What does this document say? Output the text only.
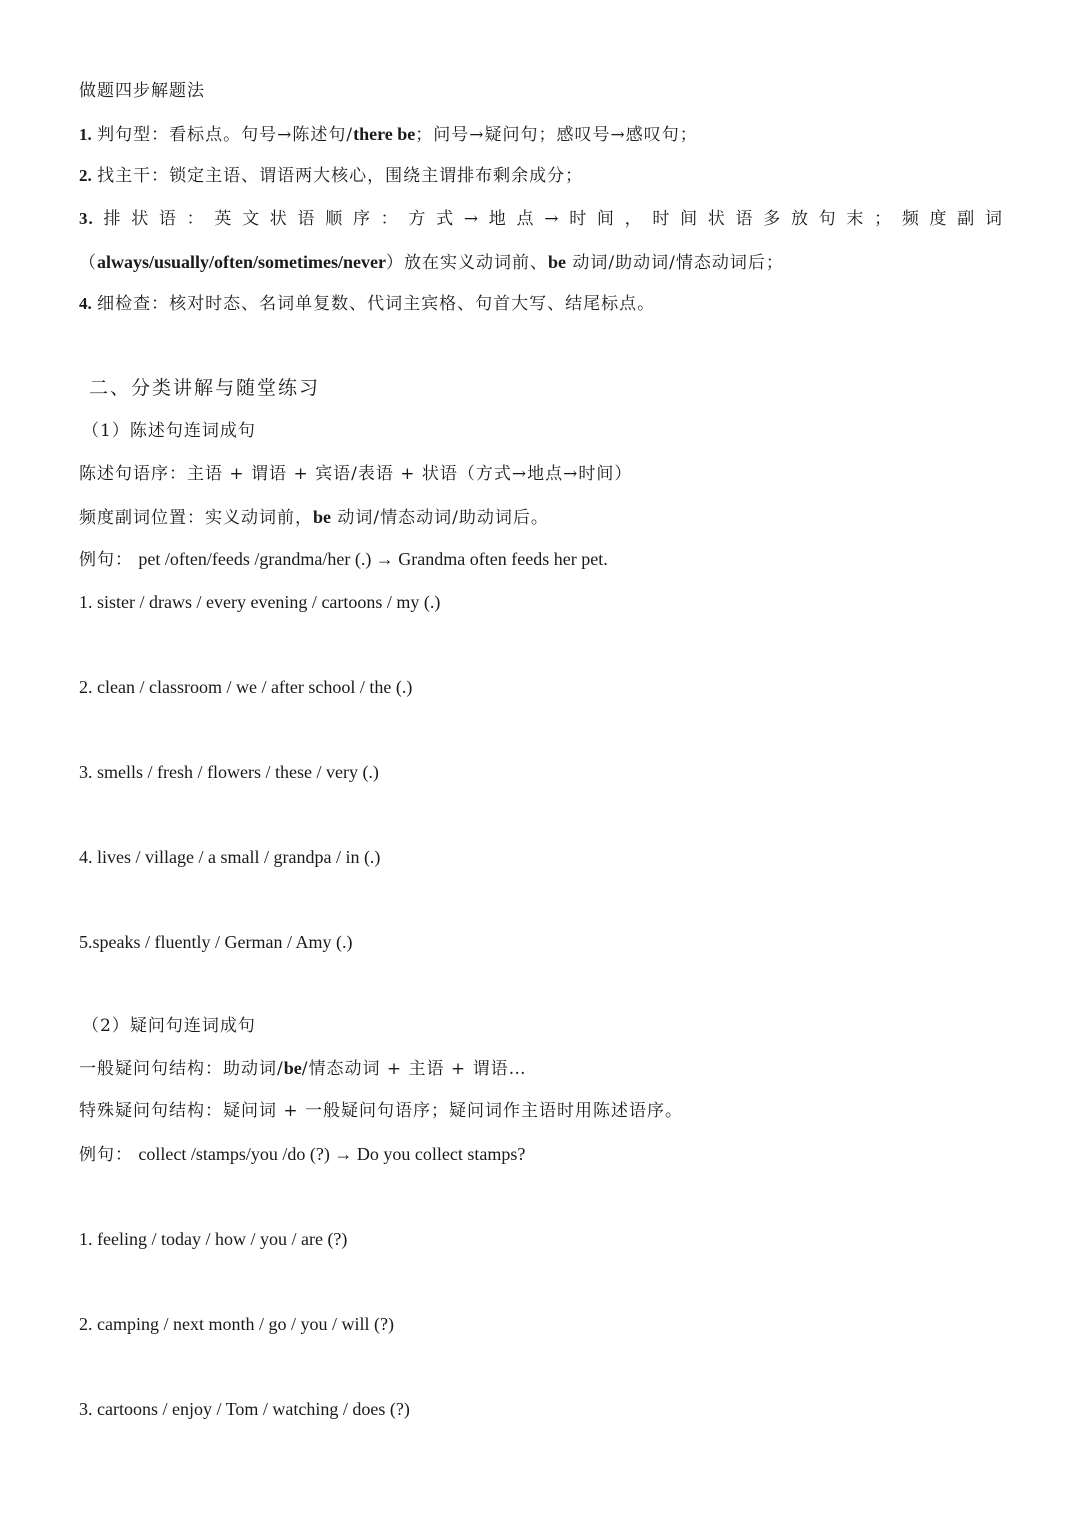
做题四步解题法
1. 判句型：看标点。句号→陈述句/there be；问号→疑问句；感叹号→感叹句；
2. 找主干：锁定主语、谓语两大核心，围绕主谓排布剩余成分；
3. 排 状 语 ： 英 文 状 语 顺 序 ： 方 式 → 地 点 → 时 间 ， 时 间 状 语 多 放 句 末 ； 频 度 副 词
（always/usually/often/sometimes/never）放在实义动词前、be 动词/助动词/情态动词后；
4. 细检查：核对时态、名词单复数、代词主宾格、句首大写、结尾标点。
二、分类讲解与随堂练习
（1）陈述句连词成句
陈述句语序：主语 + 谓语 + 宾语/表语 + 状语（方式→地点→时间）
频度副词位置：实义动词前，be 动词/情态动词/助动词后。
例句： pet /often/feeds /grandma/her (.) → Grandma often feeds her pet.
1. sister / draws / every evening / cartoons / my (.)
2. clean / classroom / we / after school / the (.)
3. smells / fresh / flowers / these / very (.)
4. lives / village / a small / grandpa / in (.)
5.speaks / fluently / German / Amy (.)
（2）疑问句连词成句
一般疑问句结构：助动词/be/情态动词 + 主语 + 谓语…
特殊疑问句结构：疑问词 + 一般疑问句语序；疑问词作主语时用陈述语序。
例句： collect /stamps/you /do (?) → Do you collect stamps?
1. feeling / today / how / you / are (?)
2. camping / next month / go / you / will (?)
3. cartoons / enjoy / Tom / watching / does (?)
